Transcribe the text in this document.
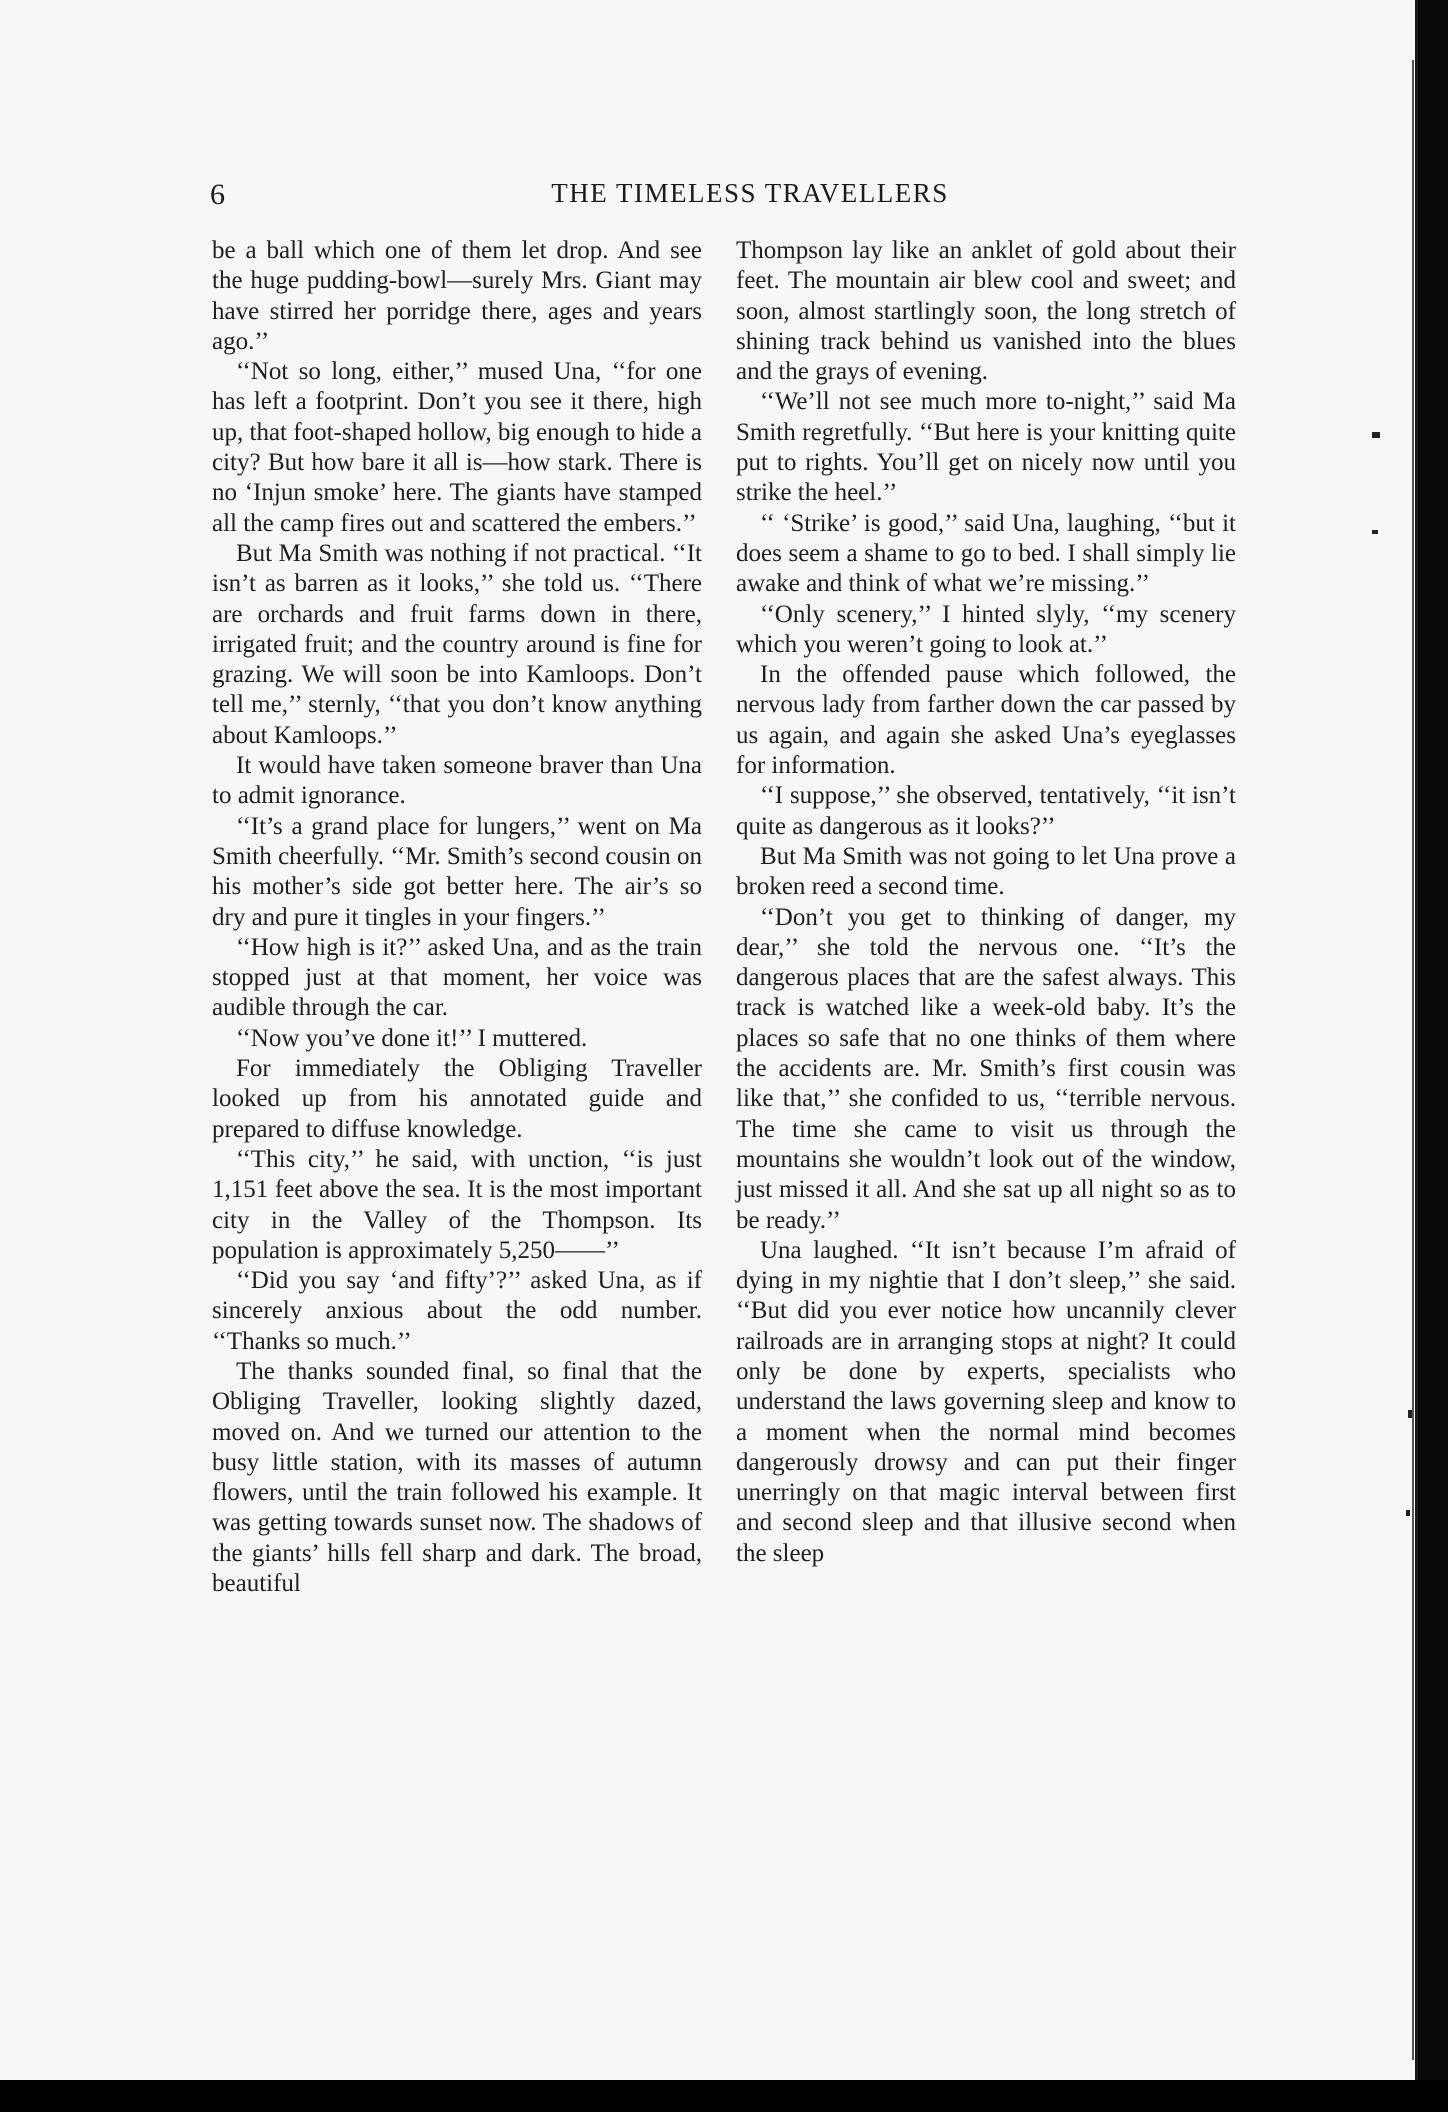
6	THE TIMELESS TRAVELLERS

be a ball which one of them let drop. And see the huge pudding-bowl—surely Mrs. Giant may have stirred her porridge there, ages and years ago.’’

‘‘Not so long, either,’’ mused Una, ‘‘for one has left a footprint. Don’t you see it there, high up, that foot-shaped hollow, big enough to hide a city? But how bare it all is—how stark. There is no ‘Injun smoke’ here. The giants have stamped all the camp fires out and scattered the embers.’’

But Ma Smith was nothing if not practical. ‘‘It isn’t as barren as it looks,’’ she told us. ‘‘There are orchards and fruit farms down in there, irrigated fruit; and the country around is fine for grazing. We will soon be into Kamloops. Don’t tell me,’’ sternly, ‘‘that you don’t know anything about Kamloops.’’

It would have taken someone braver than Una to admit ignorance.

‘‘It’s a grand place for lungers,’’ went on Ma Smith cheerfully. ‘‘Mr. Smith’s second cousin on his mother’s side got better here. The air’s so dry and pure it tingles in your fingers.’’

‘‘How high is it?’’ asked Una, and as the train stopped just at that moment, her voice was audible through the car.

‘‘Now you’ve done it!’’ I muttered.

For immediately the Obliging Traveller looked up from his annotated guide and prepared to diffuse knowledge.

‘‘This city,’’ he said, with unction, ‘‘is just 1,151 feet above the sea. It is the most important city in the Valley of the Thompson. Its population is approximately 5,250——’’

‘‘Did you say ‘and fifty’?’’ asked Una, as if sincerely anxious about the odd number. ‘‘Thanks so much.’’

The thanks sounded final, so final that the Obliging Traveller, looking slightly dazed, moved on. And we turned our attention to the busy little station, with its masses of autumn flowers, until the train followed his example. It was getting towards sunset now. The shadows of the giants’ hills fell sharp and dark. The broad, beautiful

Thompson lay like an anklet of gold about their feet. The mountain air blew cool and sweet; and soon, almost startlingly soon, the long stretch of shining track behind us vanished into the blues and the grays of evening.

‘‘We’ll not see much more to-night,’’ said Ma Smith regretfully. ‘‘But here is your knitting quite put to rights. You’ll get on nicely now until you strike the heel.’’

‘‘ ‘Strike’ is good,’’ said Una, laughing, ‘‘but it does seem a shame to go to bed. I shall simply lie awake and think of what we’re missing.’’

‘‘Only scenery,’’ I hinted slyly, ‘‘my scenery which you weren’t going to look at.’’

In the offended pause which followed, the nervous lady from farther down the car passed by us again, and again she asked Una’s eyeglasses for information.

‘‘I suppose,’’ she observed, tentatively, ‘‘it isn’t quite as dangerous as it looks?’’

But Ma Smith was not going to let Una prove a broken reed a second time.

‘‘Don’t you get to thinking of danger, my dear,’’ she told the nervous one. ‘‘It’s the dangerous places that are the safest always. This track is watched like a week-old baby. It’s the places so safe that no one thinks of them where the accidents are. Mr. Smith’s first cousin was like that,’’ she confided to us, ‘‘terrible nervous. The time she came to visit us through the mountains she wouldn’t look out of the window, just missed it all. And she sat up all night so as to be ready.’’

Una laughed. ‘‘It isn’t because I’m afraid of dying in my nightie that I don’t sleep,’’ she said. ‘‘But did you ever notice how uncannily clever railroads are in arranging stops at night? It could only be done by experts, specialists who understand the laws governing sleep and know to a moment when the normal mind becomes dangerously drowsy and can put their finger unerringly on that magic interval between first and second sleep and that illusive second when the sleep
